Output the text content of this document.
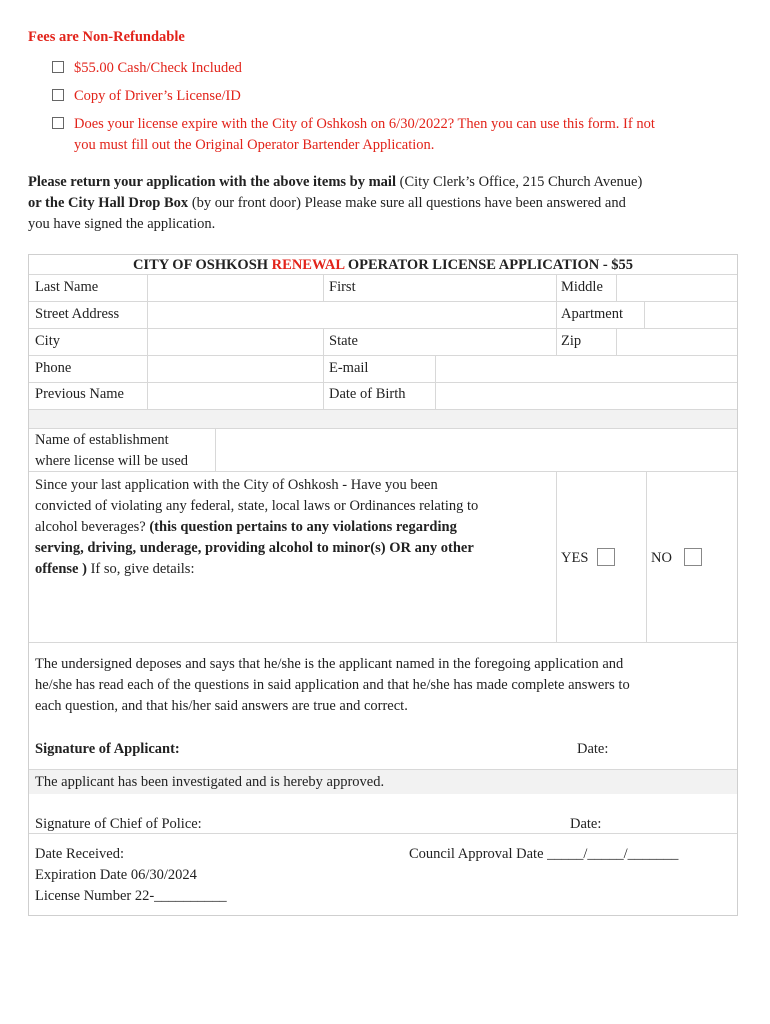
Fees are Non-Refundable
$55.00 Cash/Check Included
Copy of Driver’s License/ID
Does your license expire with the City of Oshkosh on 6/30/2022? Then you can use this form. If not
you must fill out the Original Operator Bartender Application.
Please return your application with the above items by mail (City Clerk’s Office, 215 Church Avenue)
or the City Hall Drop Box (by our front door) Please make sure all questions have been answered and
you have signed the application.
CITY OF OSHKOSH RENEWAL OPERATOR LICENSE APPLICATION - $55
Last Name	First	Middle
Street Address	Apartment
City	State	Zip
Phone	E-mail
Previous Name	Date of Birth
Name of establishment
where license will be used
Since your last application with the City of Oshkosh - Have you been
convicted of violating any federal, state, local laws or Ordinances relating to
alcohol beverages? (this question pertains to any violations regarding
serving, driving, underage, providing alcohol to minor(s) OR any other
offense ) If so, give details:
YES	NO
The undersigned deposes and says that he/she is the applicant named in the foregoing application and
he/she has read each of the questions in said application and that he/she has made complete answers to
each question, and that his/her said answers are true and correct.
Signature of Applicant:	Date:
The applicant has been investigated and is hereby approved.
Signature of Chief of Police:	Date:
Date Received:	Council Approval Date _____/_____/_______
Expiration Date 06/30/2024
License Number 22-__________
